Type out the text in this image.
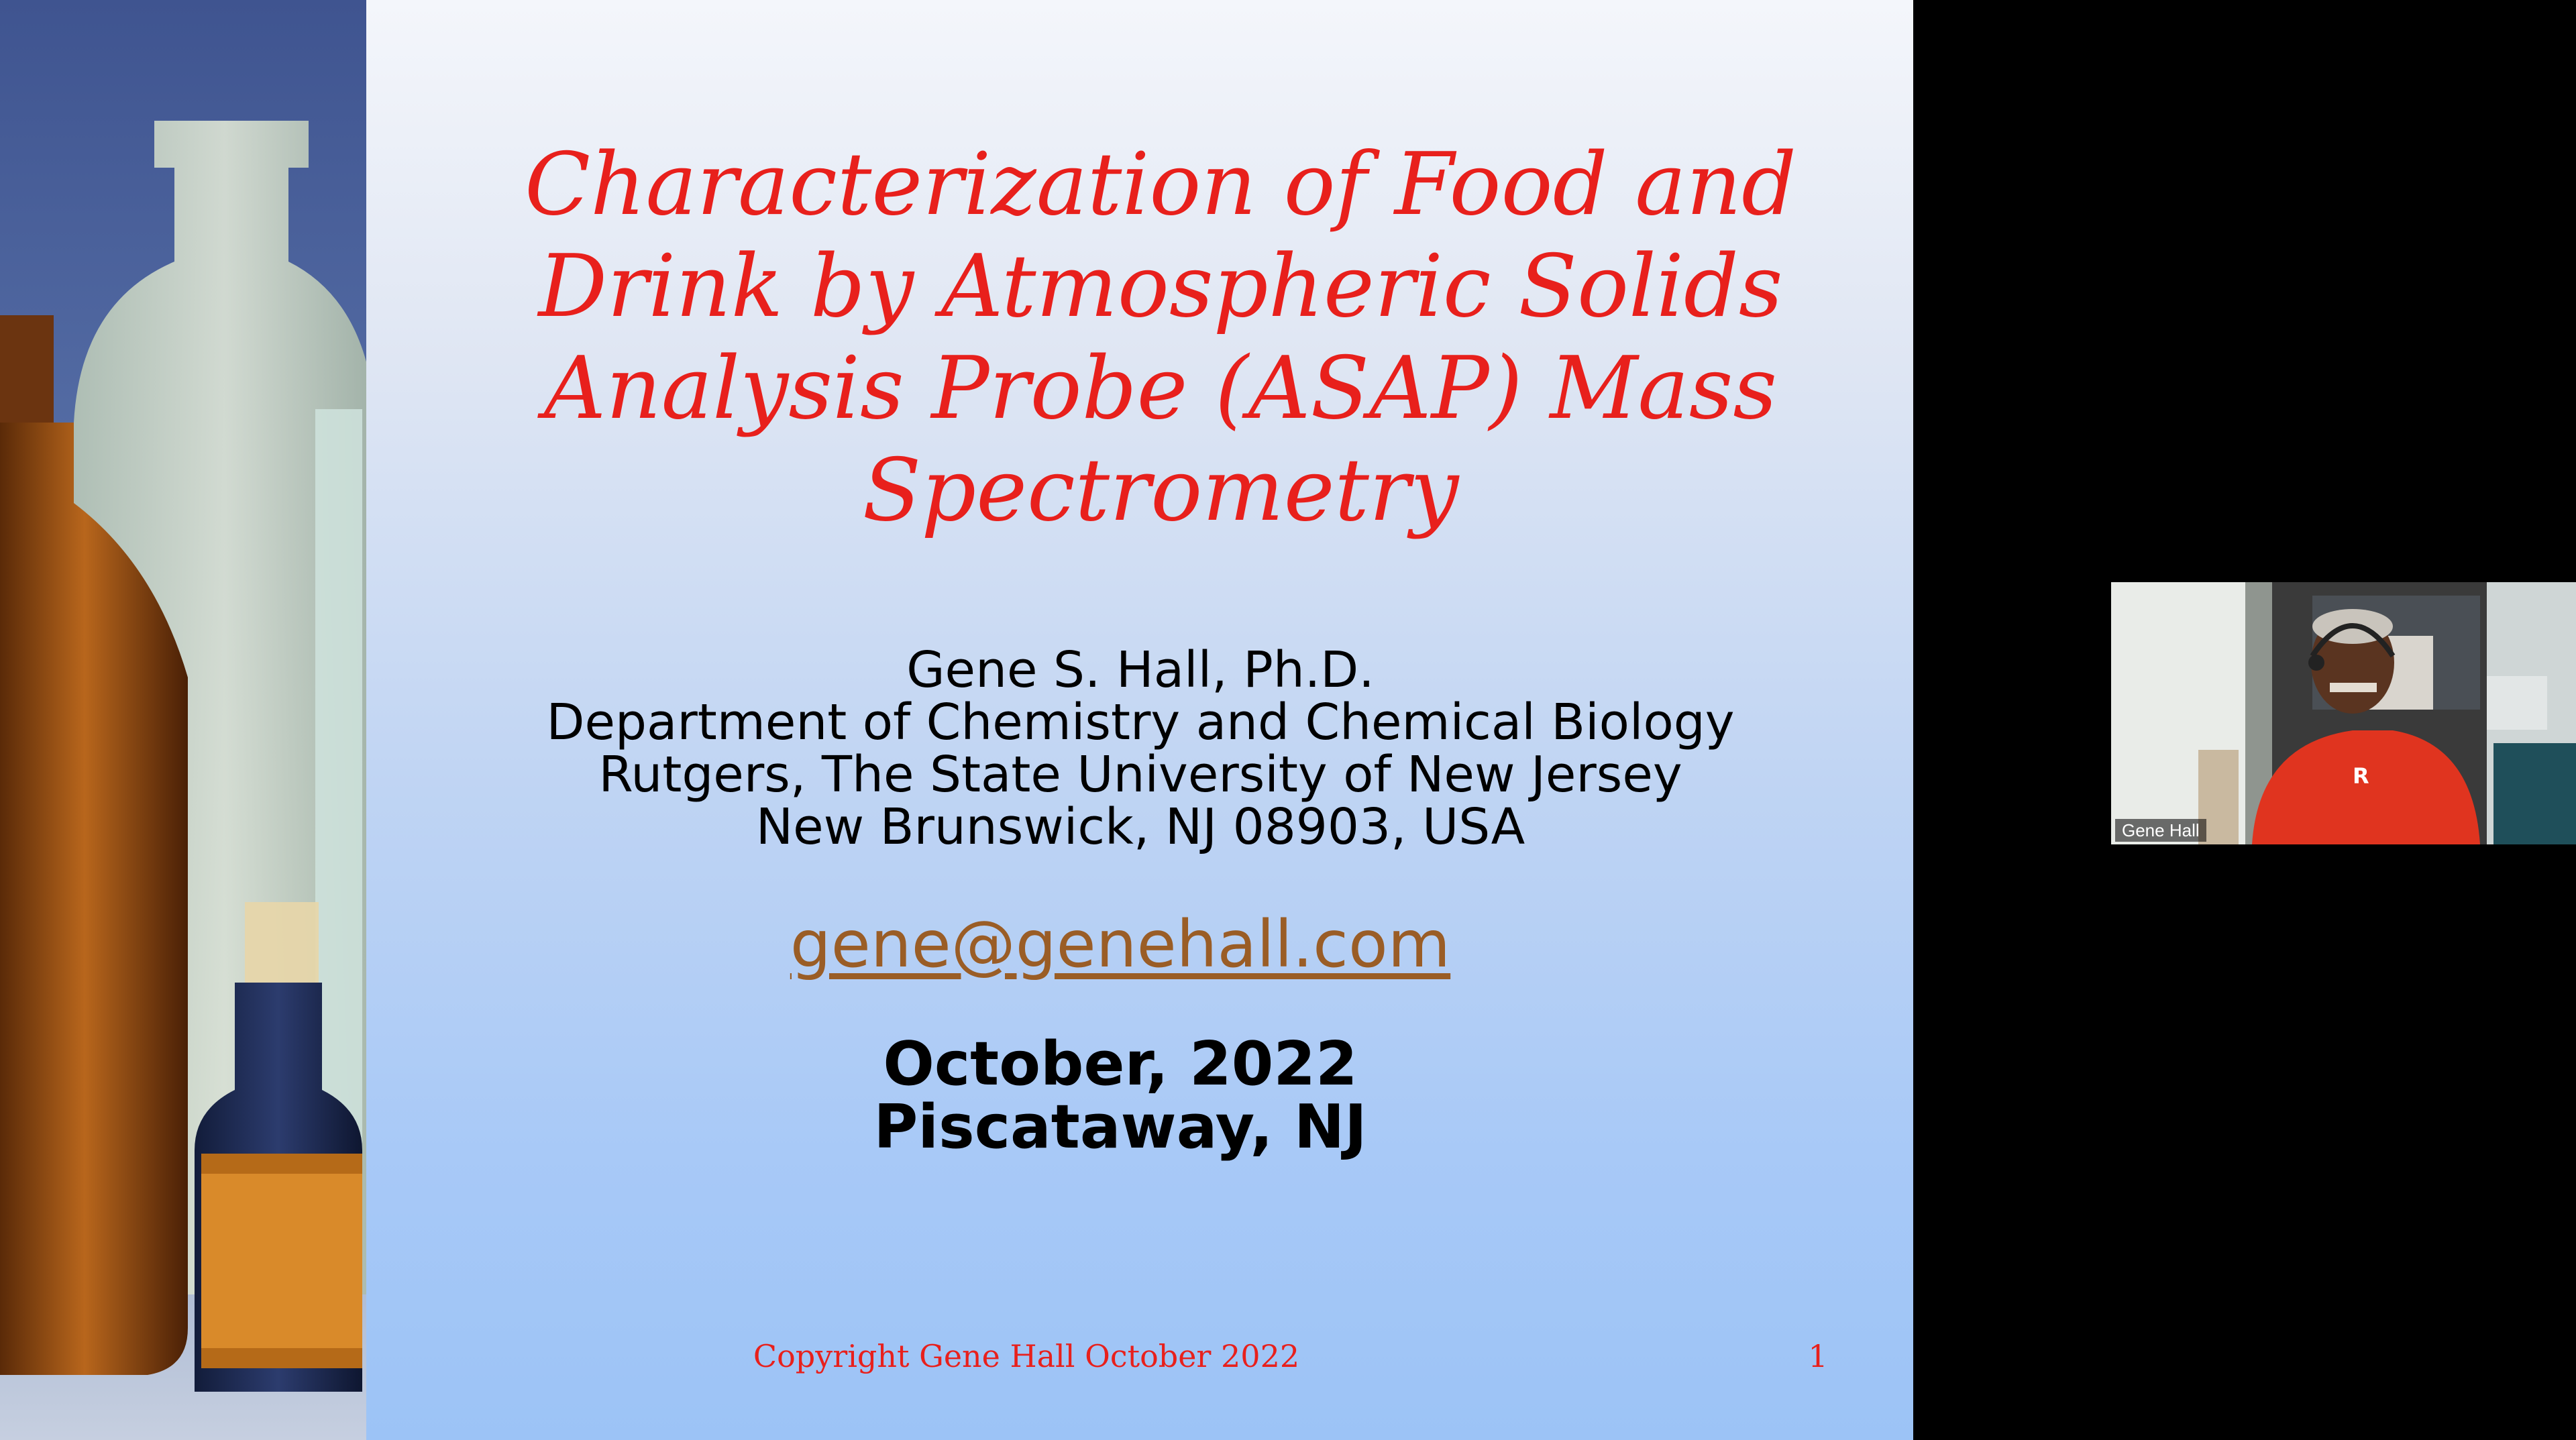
Characterization of Food and
Drink by Atmospheric Solids
Analysis Probe (ASAP) Mass
Spectrometry
Gene S. Hall, Ph.D.
Department of Chemistry and Chemical Biology
Rutgers, The State University of New Jersey
New Brunswick, NJ 08903, USA
gene@genehall.com
October, 2022
Piscataway, NJ
Copyright Gene Hall October 2022	1
R
Gene Hall
